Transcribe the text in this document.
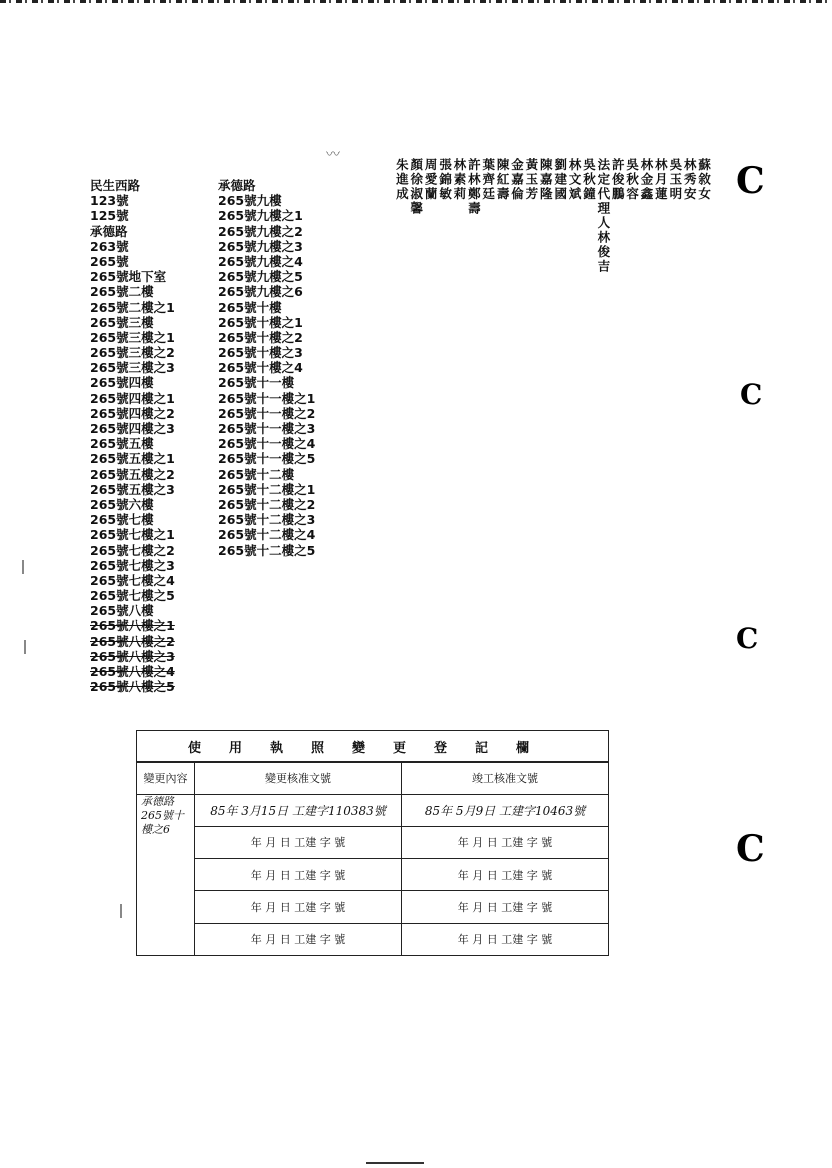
〰
民生西路
123號
125號
承德路
263號
265號
265號地下室
265號二樓
265號二樓之1
265號三樓
265號三樓之1
265號三樓之2
265號三樓之3
265號四樓
265號四樓之1
265號四樓之2
265號四樓之3
265號五樓
265號五樓之1
265號五樓之2
265號五樓之3
265號六樓
265號七樓
265號七樓之1
265號七樓之2
265號七樓之3
265號七樓之4
265號七樓之5
265號八樓
265號八樓之1
265號八樓之2
265號八樓之3
265號八樓之4
265號八樓之5
承德路
265號九樓
265號九樓之1
265號九樓之2
265號九樓之3
265號九樓之4
265號九樓之5
265號九樓之6
265號十樓
265號十樓之1
265號十樓之2
265號十樓之3
265號十樓之4
265號十一樓
265號十一樓之1
265號十一樓之2
265號十一樓之3
265號十一樓之4
265號十一樓之5
265號十二樓
265號十二樓之1
265號十二樓之2
265號十二樓之3
265號十二樓之4
265號十二樓之5
蘇敘女
林秀安
吳玉明
林月蓮
林金鑫
吳秋容
許俊鵬
法定代理人林俊吉
吳秋鐘
林文斌
劉建國
陳嘉隆
黃玉芳
金嘉倫
陳紅壽
葉齊廷
許林鄭壽
林素莉
張錦敏
周愛蘭
顏徐淑馨
朱進成	C
C
C
C
使用執照變更登記欄		
變更內容	變更核准文號	竣工核准文號
承德路 265號十樓之6	85年 3月15日 工建字110383號	85年 5月9日 工建字10463號
	年 月 日 工建 字 號	年 月 日 工建 字 號
	年 月 日 工建 字 號	年 月 日 工建 字 號
	年 月 日 工建 字 號	年 月 日 工建 字 號
	年 月 日 工建 字 號	年 月 日 工建 字 號
